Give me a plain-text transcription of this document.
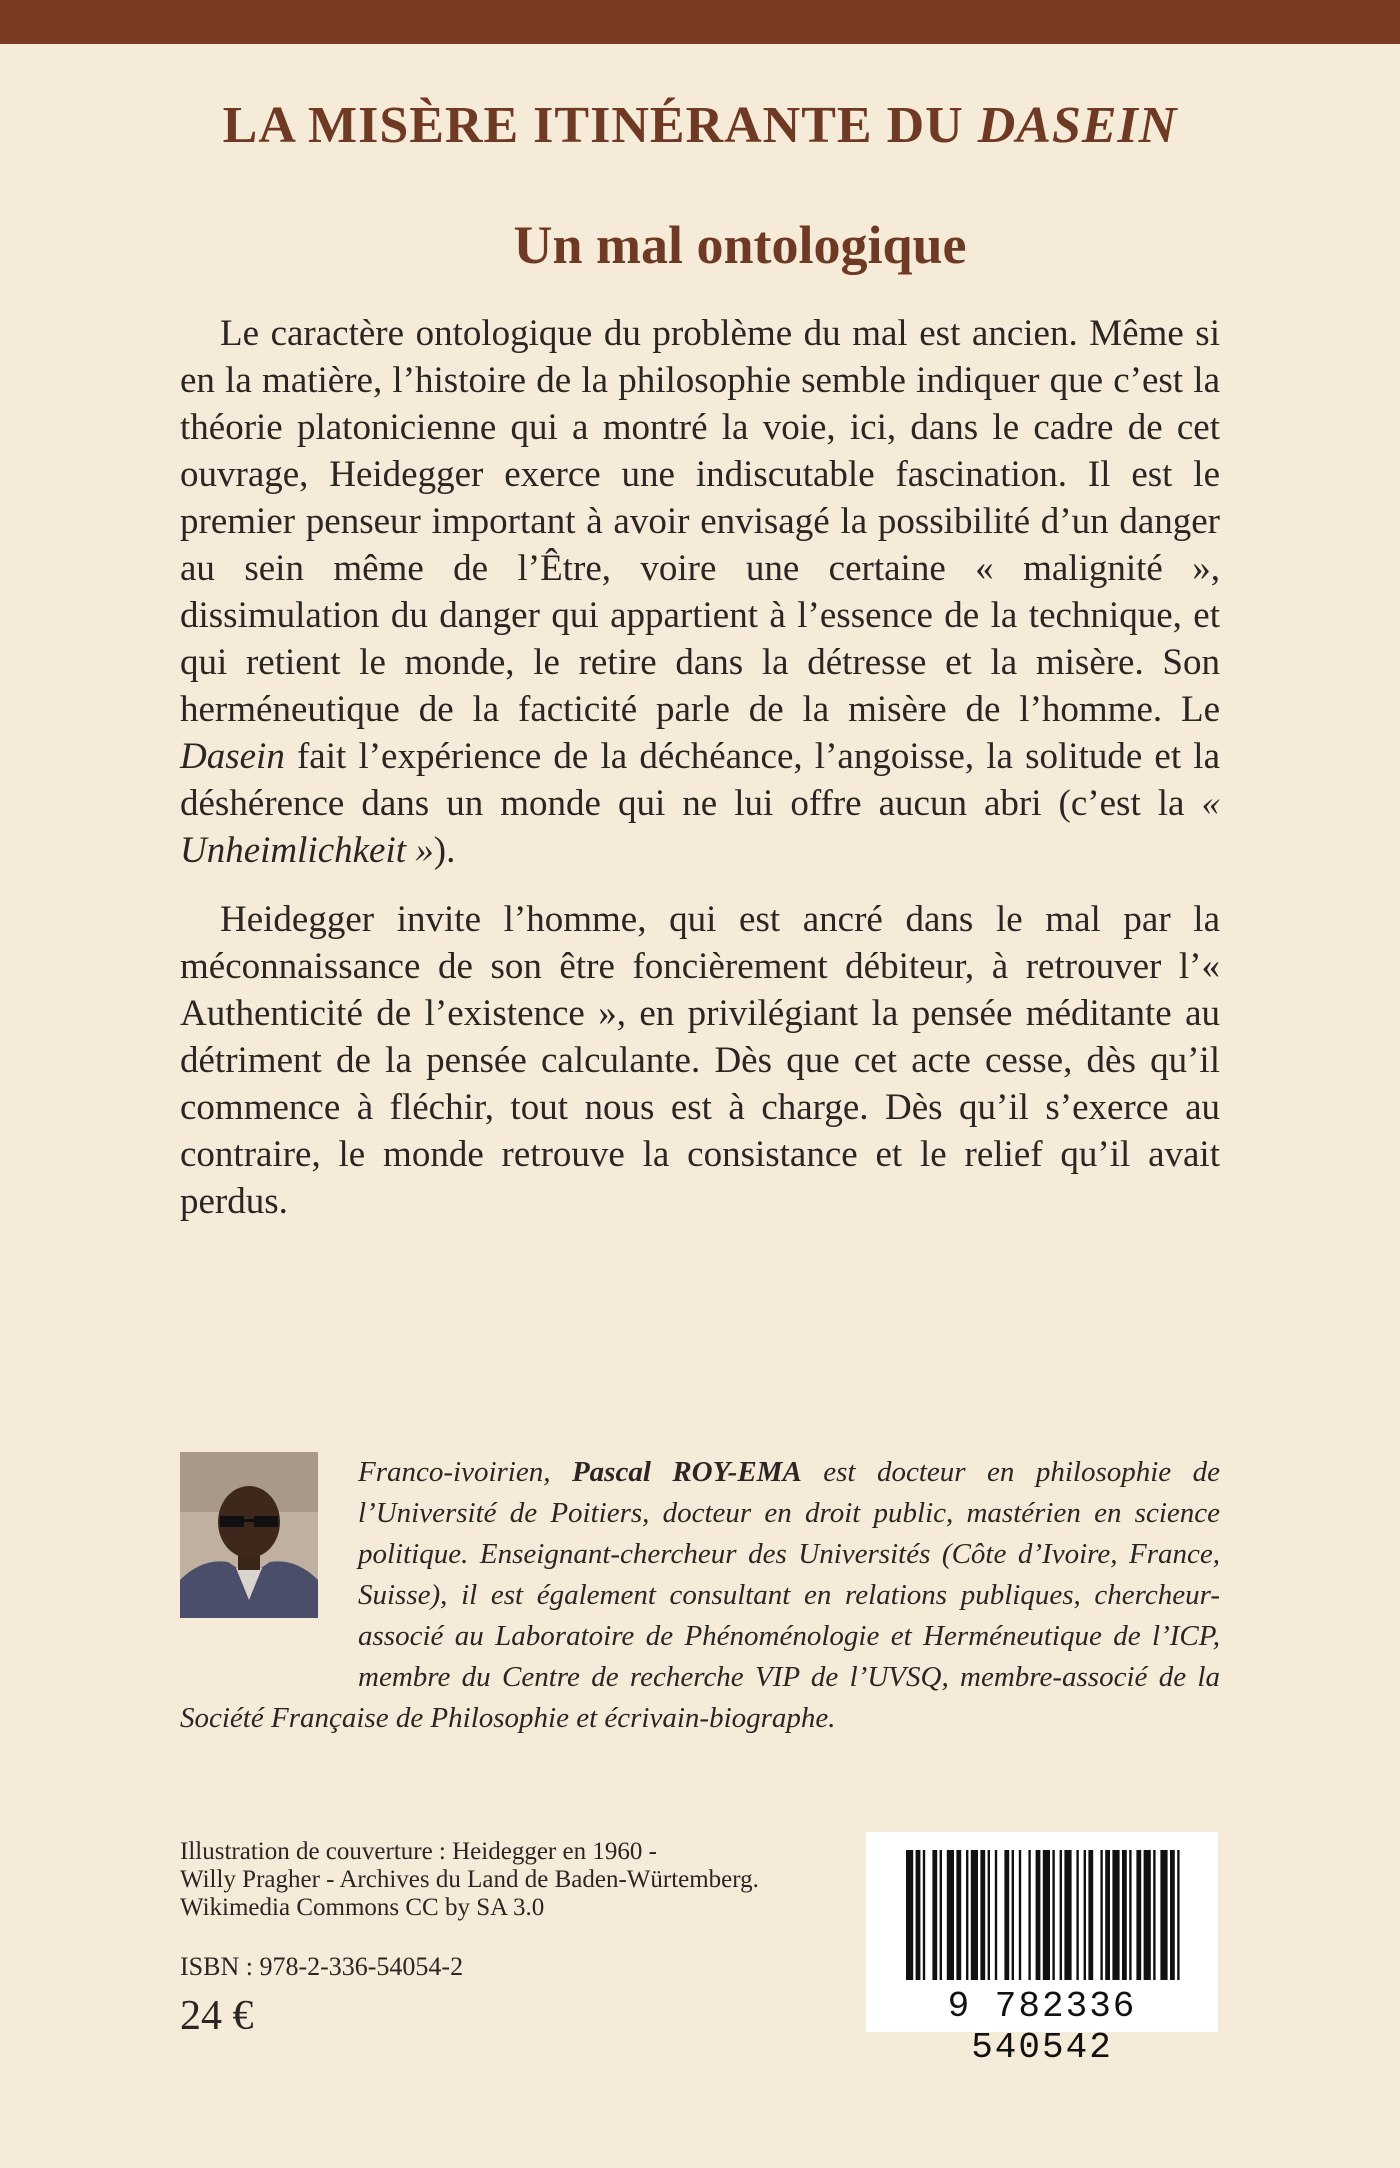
LA MISÈRE ITINÉRANTE DU DASEIN
Un mal ontologique

Le caractère ontologique du problème du mal est ancien. Même si en la matière, l’histoire de la philosophie semble indiquer que c’est la théorie platonicienne qui a montré la voie, ici, dans le cadre de cet ouvrage, Heidegger exerce une indiscutable fascination. Il est le premier penseur important à avoir envisagé la possibilité d’un danger au sein même de l’Être, voire une certaine « malignité », dissimulation du danger qui appartient à l’essence de la technique, et qui retient le monde, le retire dans la détresse et la misère. Son herméneutique de la facticité parle de la misère de l’homme. Le Dasein fait l’expérience de la déchéance, l’angoisse, la solitude et la déshérence dans un monde qui ne lui offre aucun abri (c’est la « Unheimlichkeit »).

Heidegger invite l’homme, qui est ancré dans le mal par la méconnaissance de son être foncièrement débiteur, à retrouver l’« Authenticité de l’existence », en privilégiant la pensée méditante au détriment de la pensée calculante. Dès que cet acte cesse, dès qu’il commence à fléchir, tout nous est à charge. Dès qu’il s’exerce au contraire, le monde retrouve la consistance et le relief qu’il avait perdus.

Franco-ivoirien, Pascal ROY-EMA est docteur en philosophie de l’Université de Poitiers, docteur en droit public, mastérien en science politique. Enseignant-chercheur des Universités (Côte d’Ivoire, France, Suisse), il est également consultant en relations publiques, chercheur-associé au Laboratoire de Phénoménologie et Herméneutique de l’ICP, membre du Centre de recherche VIP de l’UVSQ, membre-associé de la Société Française de Philosophie et écrivain-biographe.
Illustration de couverture : Heidegger en 1960 -
Willy Pragher - Archives du Land de Baden-Würtemberg.
Wikimedia Commons CC by SA 3.0
ISBN : 978-2-336-54054-2
24 €	9 782336 540542
